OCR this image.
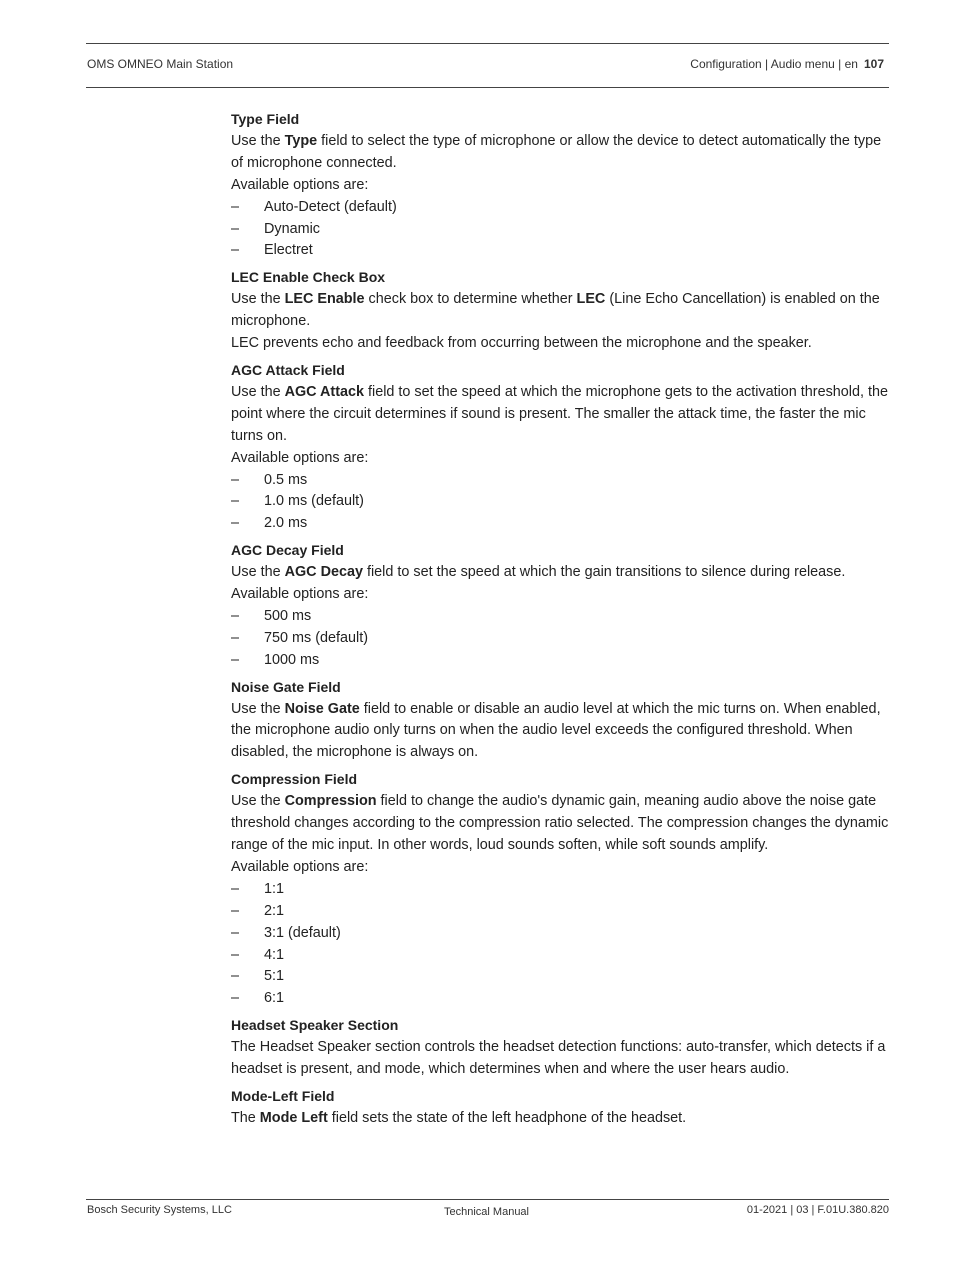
OMS OMNEO Main Station	Configuration | Audio menu | en 107
Type Field

Use the Type field to select the type of microphone or allow the device to detect automatically the type of microphone connected.

Available options are:

– Auto-Detect (default)
– Dynamic
– Electret
LEC Enable Check Box

Use the LEC Enable check box to determine whether LEC (Line Echo Cancellation) is enabled on the microphone.

LEC prevents echo and feedback from occurring between the microphone and the speaker.

AGC Attack Field

Use the AGC Attack field to set the speed at which the microphone gets to the activation threshold, the point where the circuit determines if sound is present. The smaller the attack time, the faster the mic turns on.

Available options are:

– 0.5 ms
– 1.0 ms (default)
– 2.0 ms
AGC Decay Field

Use the AGC Decay field to set the speed at which the gain transitions to silence during release.

Available options are:

– 500 ms
– 750 ms (default)
– 1000 ms
Noise Gate Field

Use the Noise Gate field to enable or disable an audio level at which the mic turns on. When enabled, the microphone audio only turns on when the audio level exceeds the configured threshold. When disabled, the microphone is always on.

Compression Field

Use the Compression field to change the audio's dynamic gain, meaning audio above the noise gate threshold changes according to the compression ratio selected. The compression changes the dynamic range of the mic input. In other words, loud sounds soften, while soft sounds amplify.

Available options are:

– 1:1
– 2:1
– 3:1 (default)
– 4:1
– 5:1
– 6:1
Headset Speaker Section

The Headset Speaker section controls the headset detection functions: auto-transfer, which detects if a headset is present, and mode, which determines when and where the user hears audio.

Mode-Left Field

The Mode Left field sets the state of the left headphone of the headset.

Bosch Security Systems, LLC	Technical Manual	01-2021 | 03 | F.01U.380.820
